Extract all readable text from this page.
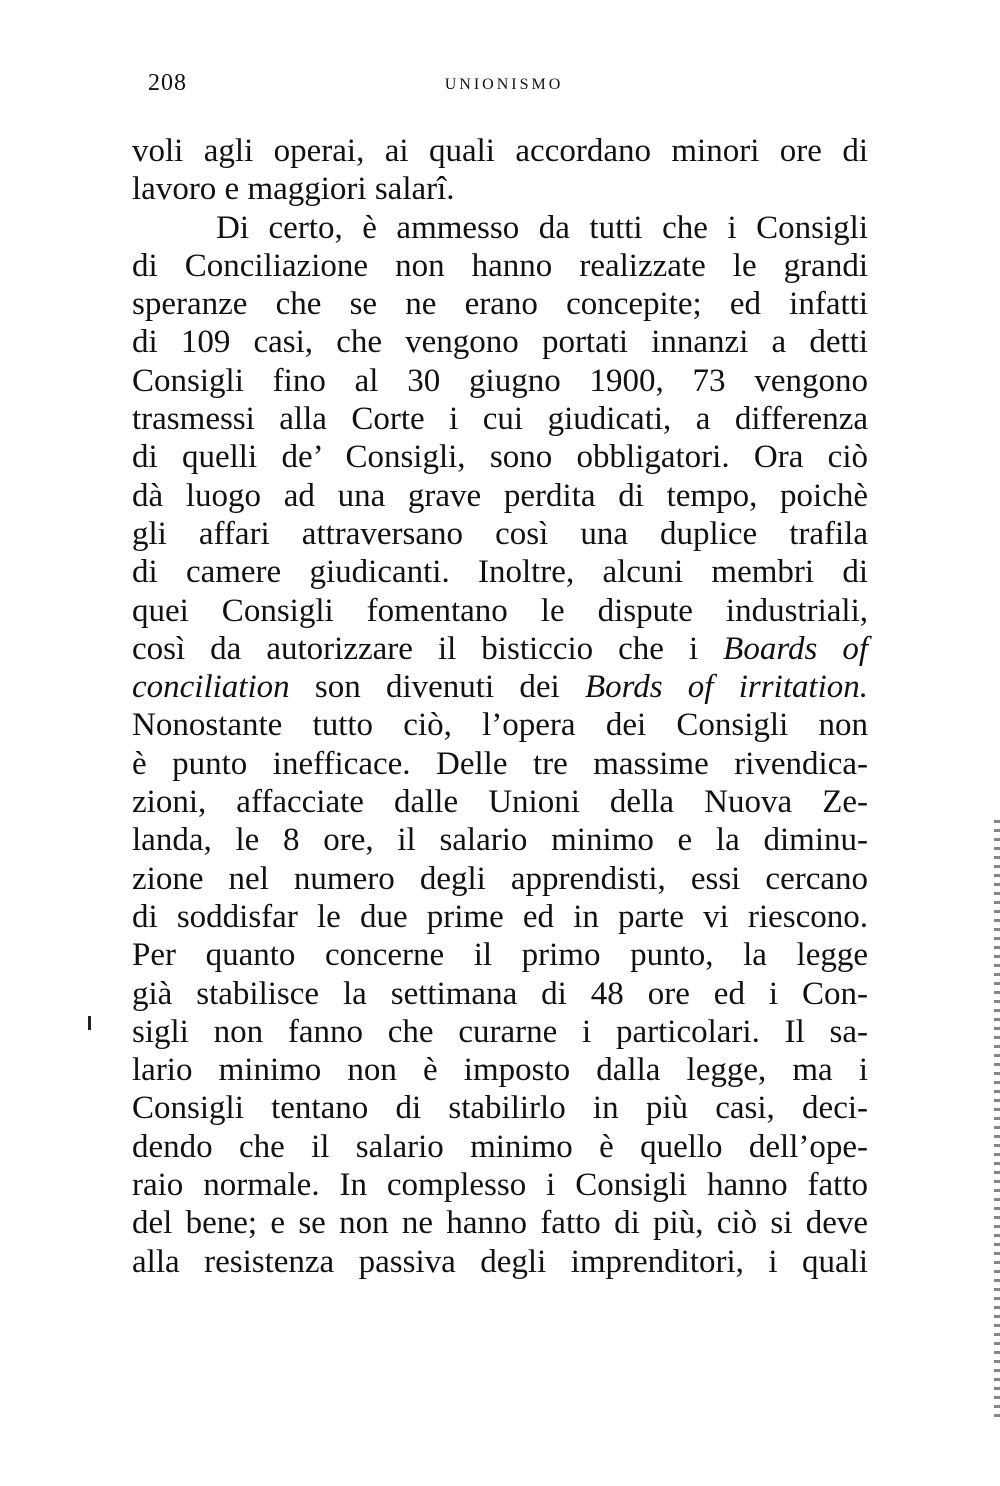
208	UNIONISMO
voli agli operai, ai quali accordano minori ore di
lavoro e maggiori salarî.
Di certo, è ammesso da tutti che i Consigli
di Conciliazione non hanno realizzate le grandi
speranze che se ne erano concepite; ed infatti
di 109 casi, che vengono portati innanzi a detti
Consigli fino al 30 giugno 1900, 73 vengono
trasmessi alla Corte i cui giudicati, a differenza
di quelli de’ Consigli, sono obbligatori. Ora ciò
dà luogo ad una grave perdita di tempo, poichè
gli affari attraversano così una duplice trafila
di camere giudicanti. Inoltre, alcuni membri di
quei Consigli fomentano le dispute industriali,
così da autorizzare il bisticcio che i Boards of
conciliation son divenuti dei Bords of irritation.
Nonostante tutto ciò, l’opera dei Consigli non
è punto inefficace. Delle tre massime rivendica-
zioni, affacciate dalle Unioni della Nuova Ze-
landa, le 8 ore, il salario minimo e la diminu-
zione nel numero degli apprendisti, essi cercano
di soddisfar le due prime ed in parte vi riescono.
Per quanto concerne il primo punto, la legge
già stabilisce la settimana di 48 ore ed i Con-
sigli non fanno che curarne i particolari. Il sa-
lario minimo non è imposto dalla legge, ma i
Consigli tentano di stabilirlo in più casi, deci-
dendo che il salario minimo è quello dell’ope-
raio normale. In complesso i Consigli hanno fatto
del bene; e se non ne hanno fatto di più, ciò si deve
alla resistenza passiva degli imprenditori, i quali
